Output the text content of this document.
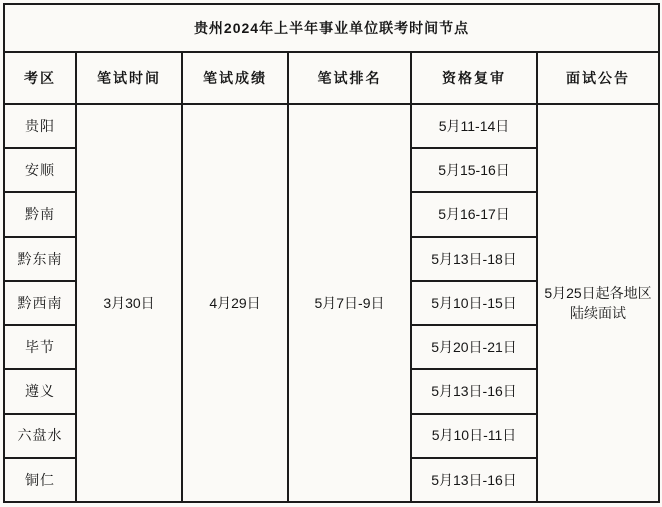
贵州2024年上半年事业单位联考时间节点					
考区	笔试时间	笔试成绩	笔试排名	资格复审	面试公告
贵阳	3月30日	4月29日	5月7日-9日	5月11-14日	5月25日起各地区陆续面试
安顺				5月15-16日	
黔南				5月16-17日	
黔东南				5月13日-18日	
黔西南				5月10日-15日	
毕节				5月20日-21日	
遵义				5月13日-16日	
六盘水				5月10日-11日	
铜仁				5月13日-16日	
